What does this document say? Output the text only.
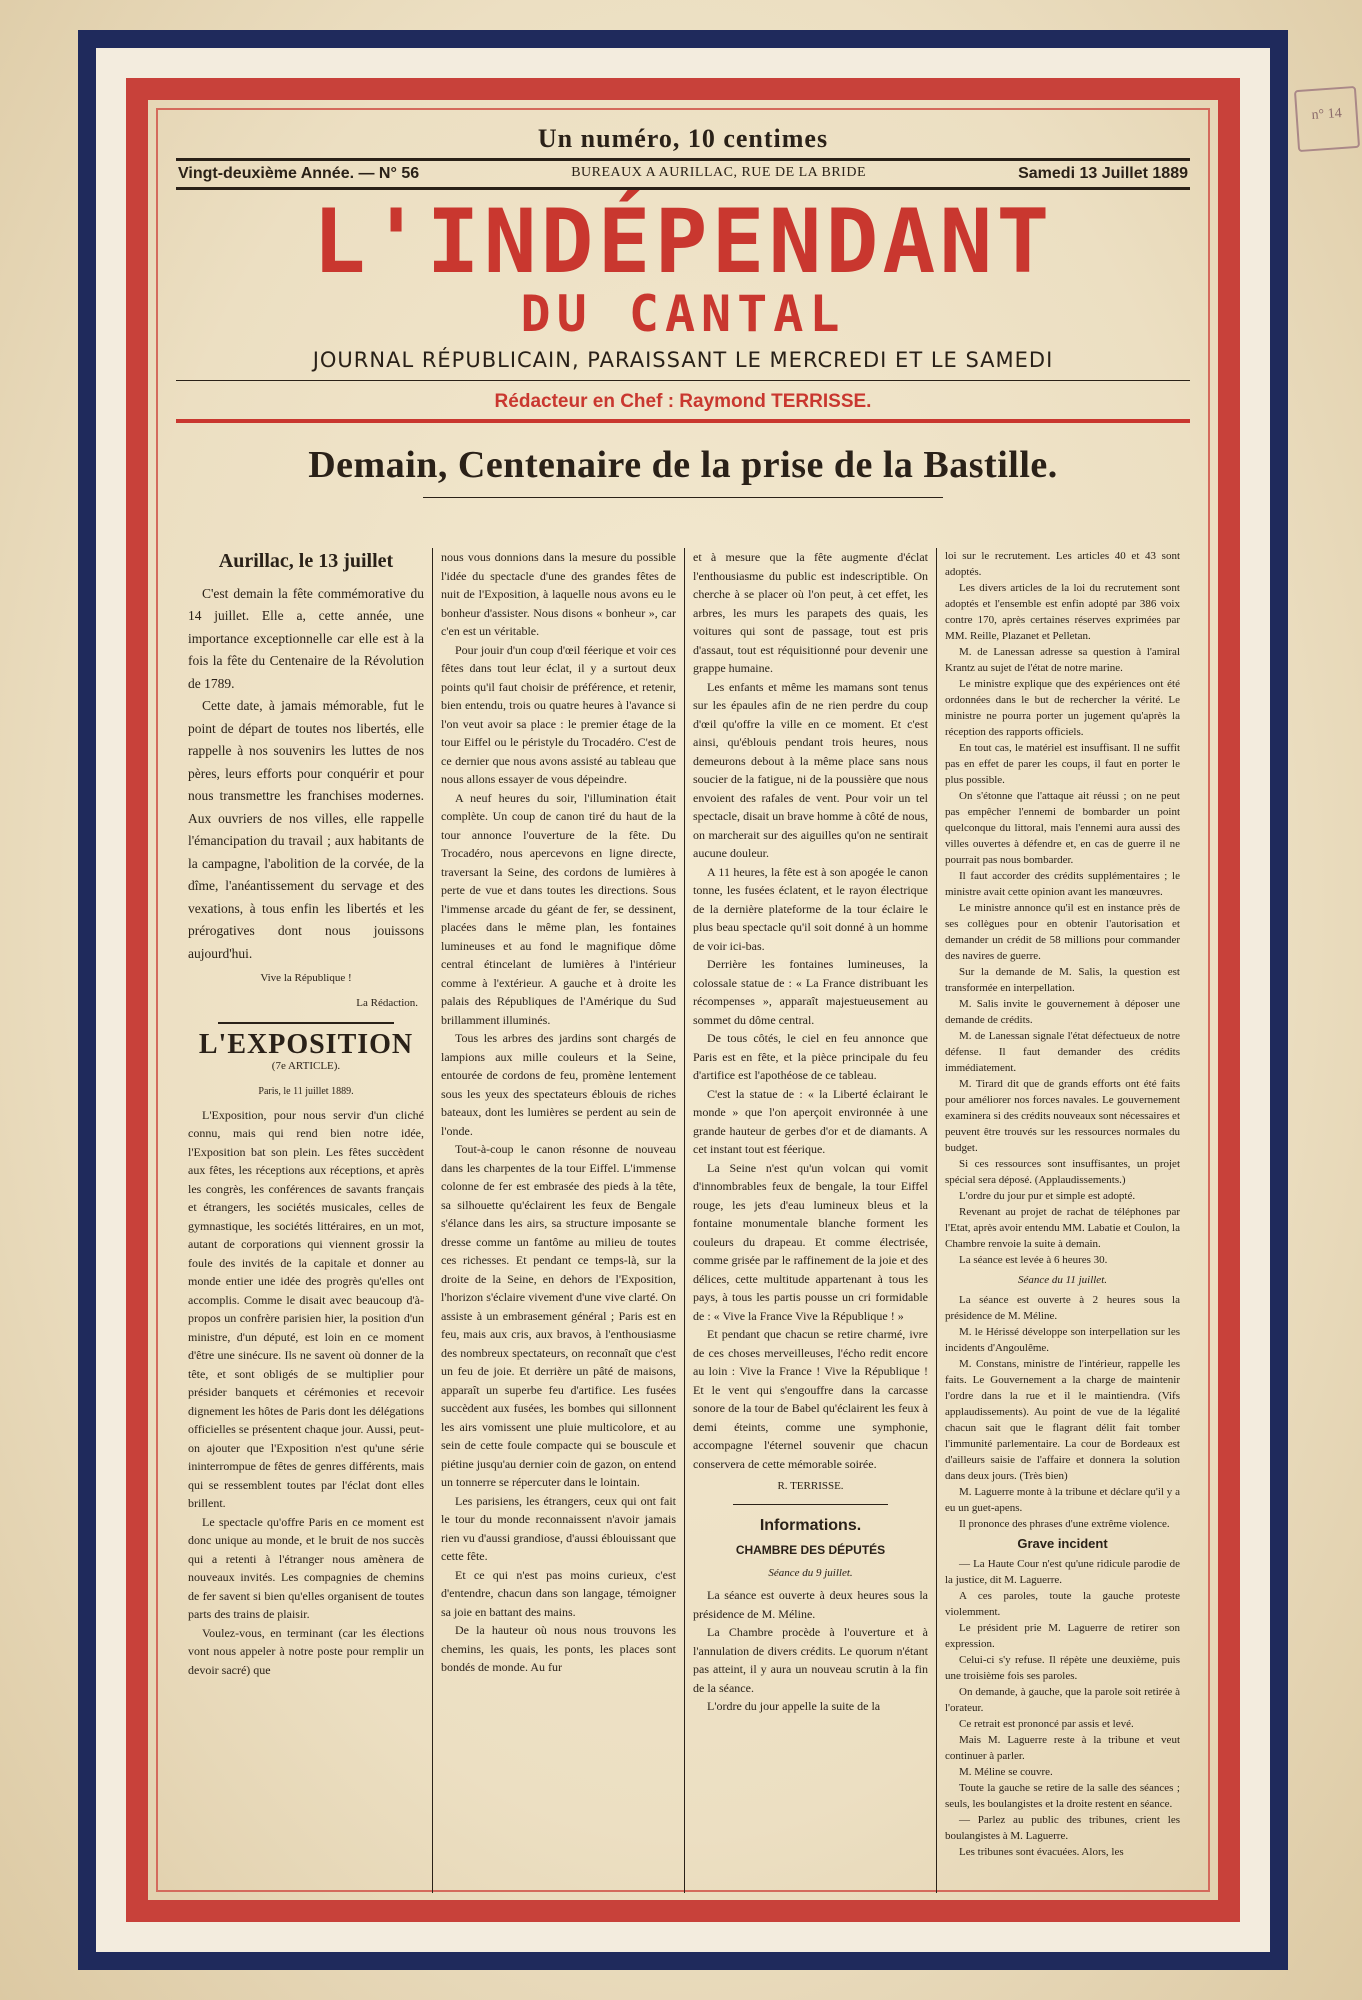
n° 14
Un numéro, 10 centimes
Vingt-deuxième Année. — N° 56	BUREAUX A AURILLAC, RUE DE LA BRIDE	Samedi 13 Juillet 1889
L'INDÉPENDANT
DU CANTAL
JOURNAL RÉPUBLICAIN, PARAISSANT LE MERCREDI ET LE SAMEDI
Rédacteur en Chef : Raymond TERRISSE.
Demain, Centenaire de la prise de la Bastille.
Aurillac, le 13 juillet

C'est demain la fête commémorative du 14 juillet. Elle a, cette année, une importance exceptionnelle car elle est à la fois la fête du Centenaire de la Révolution de 1789.

Cette date, à jamais mémorable, fut le point de départ de toutes nos libertés, elle rappelle à nos souvenirs les luttes de nos pères, leurs efforts pour conquérir et pour nous transmettre les franchises modernes. Aux ouvriers de nos villes, elle rappelle l'émancipation du travail ; aux habitants de la campagne, l'abolition de la corvée, de la dîme, l'anéantissement du servage et des vexations, à tous enfin les libertés et les prérogatives dont nous jouissons aujourd'hui.

Vive la République !
La Rédaction.
L'EXPOSITION
(7e ARTICLE).
Paris, le 11 juillet 1889.

L'Exposition, pour nous servir d'un cliché connu, mais qui rend bien notre idée, l'Exposition bat son plein. Les fêtes succèdent aux fêtes, les réceptions aux réceptions, et après les congrès, les conférences de savants français et étrangers, les sociétés musicales, celles de gymnastique, les sociétés littéraires, en un mot, autant de corporations qui viennent grossir la foule des invités de la capitale et donner au monde entier une idée des progrès qu'elles ont accomplis. Comme le disait avec beaucoup d'à-propos un confrère parisien hier, la position d'un ministre, d'un député, est loin en ce moment d'être une sinécure. Ils ne savent où donner de la tête, et sont obligés de se multiplier pour présider banquets et cérémonies et recevoir dignement les hôtes de Paris dont les délégations officielles se présentent chaque jour. Aussi, peut-on ajouter que l'Exposition n'est qu'une série ininterrompue de fêtes de genres différents, mais qui se ressemblent toutes par l'éclat dont elles brillent.

Le spectacle qu'offre Paris en ce moment est donc unique au monde, et le bruit de nos succès qui a retenti à l'étranger nous amènera de nouveaux invités. Les compagnies de chemins de fer savent si bien qu'elles organisent de toutes parts des trains de plaisir.

Voulez-vous, en terminant (car les élections vont nous appeler à notre poste pour remplir un devoir sacré) que

nous vous donnions dans la mesure du possible l'idée du spectacle d'une des grandes fêtes de nuit de l'Exposition, à laquelle nous avons eu le bonheur d'assister. Nous disons « bonheur », car c'en est un véritable.

Pour jouir d'un coup d'œil féerique et voir ces fêtes dans tout leur éclat, il y a surtout deux points qu'il faut choisir de préférence, et retenir, bien entendu, trois ou quatre heures à l'avance si l'on veut avoir sa place : le premier étage de la tour Eiffel ou le péristyle du Trocadéro. C'est de ce dernier que nous avons assisté au tableau que nous allons essayer de vous dépeindre.

A neuf heures du soir, l'illumination était complète. Un coup de canon tiré du haut de la tour annonce l'ouverture de la fête. Du Trocadéro, nous apercevons en ligne directe, traversant la Seine, des cordons de lumières à perte de vue et dans toutes les directions. Sous l'immense arcade du géant de fer, se dessinent, placées dans le même plan, les fontaines lumineuses et au fond le magnifique dôme central étincelant de lumières à l'intérieur comme à l'extérieur. A gauche et à droite les palais des Républiques de l'Amérique du Sud brillamment illuminés.

Tous les arbres des jardins sont chargés de lampions aux mille couleurs et la Seine, entourée de cordons de feu, promène lentement sous les yeux des spectateurs éblouis de riches bateaux, dont les lumières se perdent au sein de l'onde.

Tout-à-coup le canon résonne de nouveau dans les charpentes de la tour Eiffel. L'immense colonne de fer est embrasée des pieds à la tête, sa silhouette qu'éclairent les feux de Bengale s'élance dans les airs, sa structure imposante se dresse comme un fantôme au milieu de toutes ces richesses. Et pendant ce temps-là, sur la droite de la Seine, en dehors de l'Exposition, l'horizon s'éclaire vivement d'une vive clarté. On assiste à un embrasement général ; Paris est en feu, mais aux cris, aux bravos, à l'enthousiasme des nombreux spectateurs, on reconnaît que c'est un feu de joie. Et derrière un pâté de maisons, apparaît un superbe feu d'artifice. Les fusées succèdent aux fusées, les bombes qui sillonnent les airs vomissent une pluie multicolore, et au sein de cette foule compacte qui se bouscule et piétine jusqu'au dernier coin de gazon, on entend un tonnerre se répercuter dans le lointain.

Les parisiens, les étrangers, ceux qui ont fait le tour du monde reconnaissent n'avoir jamais rien vu d'aussi grandiose, d'aussi éblouissant que cette fête.

Et ce qui n'est pas moins curieux, c'est d'entendre, chacun dans son langage, témoigner sa joie en battant des mains.

De la hauteur où nous nous trouvons les chemins, les quais, les ponts, les places sont bondés de monde. Au fur

et à mesure que la fête augmente d'éclat l'enthousiasme du public est indescriptible. On cherche à se placer où l'on peut, à cet effet, les arbres, les murs les parapets des quais, les voitures qui sont de passage, tout est pris d'assaut, tout est réquisitionné pour devenir une grappe humaine.

Les enfants et même les mamans sont tenus sur les épaules afin de ne rien perdre du coup d'œil qu'offre la ville en ce moment. Et c'est ainsi, qu'éblouis pendant trois heures, nous demeurons debout à la même place sans nous soucier de la fatigue, ni de la poussière que nous envoient des rafales de vent. Pour voir un tel spectacle, disait un brave homme à côté de nous, on marcherait sur des aiguilles qu'on ne sentirait aucune douleur.

A 11 heures, la fête est à son apogée le canon tonne, les fusées éclatent, et le rayon électrique de la dernière plateforme de la tour éclaire le plus beau spectacle qu'il soit donné à un homme de voir ici-bas.

Derrière les fontaines lumineuses, la colossale statue de : « La France distribuant les récompenses », apparaît majestueusement au sommet du dôme central.

De tous côtés, le ciel en feu annonce que Paris est en fête, et la pièce principale du feu d'artifice est l'apothéose de ce tableau.

C'est la statue de : « la Liberté éclairant le monde » que l'on aperçoit environnée à une grande hauteur de gerbes d'or et de diamants. A cet instant tout est féerique.

La Seine n'est qu'un volcan qui vomit d'innombrables feux de bengale, la tour Eiffel rouge, les jets d'eau lumineux bleus et la fontaine monumentale blanche forment les couleurs du drapeau. Et comme électrisée, comme grisée par le raffinement de la joie et des délices, cette multitude appartenant à tous les pays, à tous les partis pousse un cri formidable de : « Vive la France Vive la République ! »

Et pendant que chacun se retire charmé, ivre de ces choses merveilleuses, l'écho redit encore au loin : Vive la France ! Vive la République ! Et le vent qui s'engouffre dans la carcasse sonore de la tour de Babel qu'éclairent les feux à demi éteints, comme une symphonie, accompagne l'éternel souvenir que chacun conservera de cette mémorable soirée.

R. TERRISSE.
Informations.
CHAMBRE DES DÉPUTÉS
Séance du 9 juillet.

La séance est ouverte à deux heures sous la présidence de M. Méline.

La Chambre procède à l'ouverture et à l'annulation de divers crédits. Le quorum n'étant pas atteint, il y aura un nouveau scrutin à la fin de la séance.

L'ordre du jour appelle la suite de la

loi sur le recrutement. Les articles 40 et 43 sont adoptés.

Les divers articles de la loi du recrutement sont adoptés et l'ensemble est enfin adopté par 386 voix contre 170, après certaines réserves exprimées par MM. Reille, Plazanet et Pelletan.

M. de Lanessan adresse sa question à l'amiral Krantz au sujet de l'état de notre marine.

Le ministre explique que des expériences ont été ordonnées dans le but de rechercher la vérité. Le ministre ne pourra porter un jugement qu'après la réception des rapports officiels.

En tout cas, le matériel est insuffisant. Il ne suffit pas en effet de parer les coups, il faut en porter le plus possible.

On s'étonne que l'attaque ait réussi ; on ne peut pas empêcher l'ennemi de bombarder un point quelconque du littoral, mais l'ennemi aura aussi des villes ouvertes à défendre et, en cas de guerre il ne pourrait pas nous bombarder.

Il faut accorder des crédits supplémentaires ; le ministre avait cette opinion avant les manœuvres.

Le ministre annonce qu'il est en instance près de ses collègues pour en obtenir l'autorisation et demander un crédit de 58 millions pour commander des navires de guerre.

Sur la demande de M. Salis, la question est transformée en interpellation.

M. Salis invite le gouvernement à déposer une demande de crédits.

M. de Lanessan signale l'état défectueux de notre défense. Il faut demander des crédits immédiatement.

M. Tirard dit que de grands efforts ont été faits pour améliorer nos forces navales. Le gouvernement examinera si des crédits nouveaux sont nécessaires et peuvent être trouvés sur les ressources normales du budget.

Si ces ressources sont insuffisantes, un projet spécial sera déposé. (Applaudissements.)

L'ordre du jour pur et simple est adopté.

Revenant au projet de rachat de téléphones par l'Etat, après avoir entendu MM. Labatie et Coulon, la Chambre renvoie la suite à demain.

La séance est levée à 6 heures 30.

Séance du 11 juillet.

La séance est ouverte à 2 heures sous la présidence de M. Méline.

M. le Hérissé développe son interpellation sur les incidents d'Angoulême.

M. Constans, ministre de l'intérieur, rappelle les faits. Le Gouvernement a la charge de maintenir l'ordre dans la rue et il le maintiendra. (Vifs applaudissements). Au point de vue de la légalité chacun sait que le flagrant délit fait tomber l'immunité parlementaire. La cour de Bordeaux est d'ailleurs saisie de l'affaire et donnera la solution dans deux jours. (Très bien)

M. Laguerre monte à la tribune et déclare qu'il y a eu un guet-apens.

Il prononce des phrases d'une extrême violence.

Grave incident

— La Haute Cour n'est qu'une ridicule parodie de la justice, dit M. Laguerre.

A ces paroles, toute la gauche proteste violemment.

Le président prie M. Laguerre de retirer son expression.

Celui-ci s'y refuse. Il répète une deuxième, puis une troisième fois ses paroles.

On demande, à gauche, que la parole soit retirée à l'orateur.

Ce retrait est prononcé par assis et levé.

Mais M. Laguerre reste à la tribune et veut continuer à parler.

M. Méline se couvre.

Toute la gauche se retire de la salle des séances ; seuls, les boulangistes et la droite restent en séance.

— Parlez au public des tribunes, crient les boulangistes à M. Laguerre.

Les tribunes sont évacuées. Alors, les
